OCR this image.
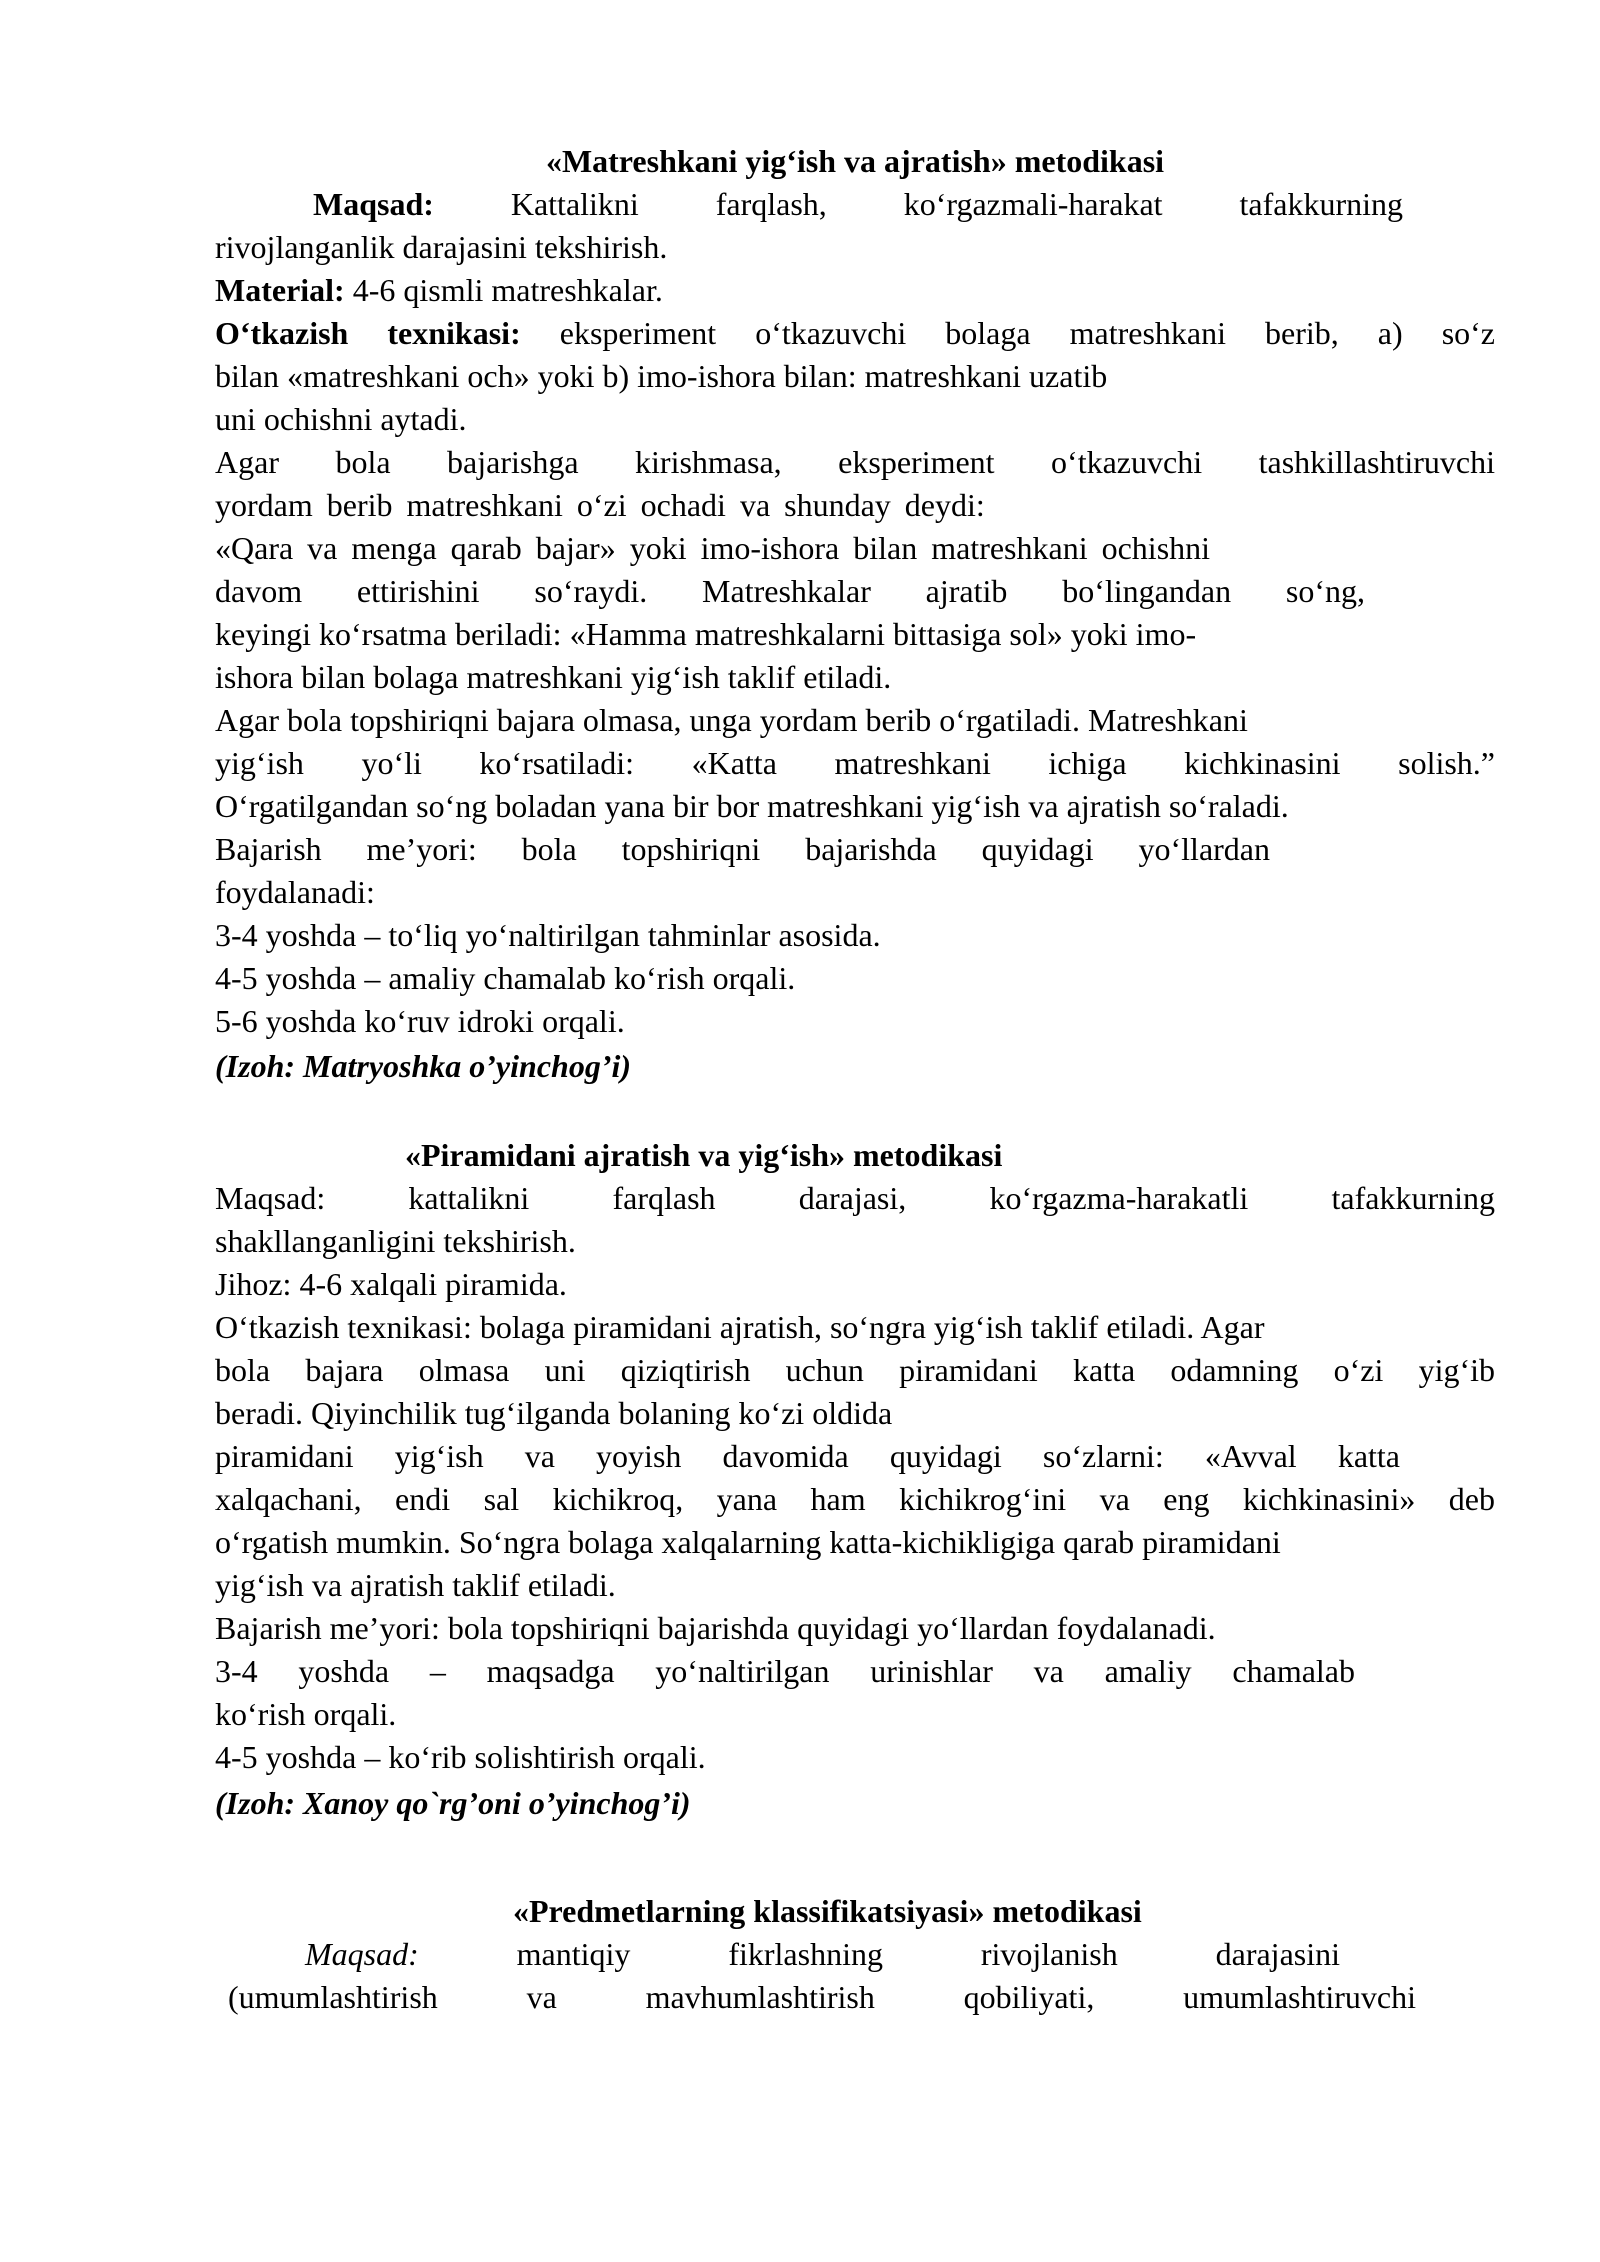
«Matreshkani yig‘ish va ajratish» metodikasi
Maqsad: Kattalikni farqlash, ko‘rgazmali-harakat tafakkurning
rivojlanganlik darajasini tekshirish.
Material: 4-6 qismli matreshkalar.
O‘tkazish texnikasi: eksperiment o‘tkazuvchi bolaga matreshkani berib, a) so‘z
bilan «matreshkani och» yoki b) imo-ishora bilan: matreshkani uzatib
uni ochishni aytadi.
Agar bola bajarishga kirishmasa, eksperiment o‘tkazuvchi tashkillashtiruvchi
yordam berib matreshkani o‘zi ochadi va shunday deydi:
«Qara va menga qarab bajar» yoki imo-ishora bilan matreshkani ochishni
davom ettirishini so‘raydi. Matreshkalar ajratib bo‘lingandan so‘ng,
keyingi ko‘rsatma beriladi: «Hamma matreshkalarni bittasiga sol» yoki imo-
ishora bilan bolaga matreshkani yig‘ish taklif etiladi.
Agar bola topshiriqni bajara olmasa, unga yordam berib o‘rgatiladi. Matreshkani
yig‘ish yo‘li ko‘rsatiladi: «Katta matreshkani ichiga kichkinasini solish.”
O‘rgatilgandan so‘ng boladan yana bir bor matreshkani yig‘ish va ajratish so‘raladi.
Bajarish me’yori: bola topshiriqni bajarishda quyidagi yo‘llardan
foydalanadi:
3-4 yoshda – to‘liq yo‘naltirilgan tahminlar asosida.
4-5 yoshda – amaliy chamalab ko‘rish orqali.
5-6 yoshda ko‘ruv idroki orqali.
(Izoh: Matryoshka o’yinchog’i)
«Piramidani ajratish va yig‘ish» metodikasi
Maqsad: kattalikni farqlash darajasi, ko‘rgazma-harakatli tafakkurning
shakllanganligini tekshirish.
Jihoz: 4-6 xalqali piramida.
O‘tkazish texnikasi: bolaga piramidani ajratish, so‘ngra yig‘ish taklif etiladi. Agar
bola bajara olmasa uni qiziqtirish uchun piramidani katta odamning o‘zi yig‘ib
beradi. Qiyinchilik tug‘ilganda bolaning ko‘zi oldida
piramidani yig‘ish va yoyish davomida quyidagi so‘zlarni: «Avval katta
xalqachani, endi sal kichikroq, yana ham kichikrog‘ini va eng kichkinasini» deb
o‘rgatish mumkin. So‘ngra bolaga xalqalarning katta-kichikligiga qarab piramidani
yig‘ish va ajratish taklif etiladi.
Bajarish me’yori: bola topshiriqni bajarishda quyidagi yo‘llardan foydalanadi.
3-4 yoshda – maqsadga yo‘naltirilgan urinishlar va amaliy chamalab
ko‘rish orqali.
4-5 yoshda – ko‘rib solishtirish orqali.
(Izoh: Xanoy qo`rg’oni o’yinchog’i)
«Predmetlarning klassifikatsiyasi» metodikasi
Maqsad:	mantiqiy fikrlashning rivojlanish darajasini
(umumlashtirish va mavhumlashtirish qobiliyati, umumlashtiruvchi
